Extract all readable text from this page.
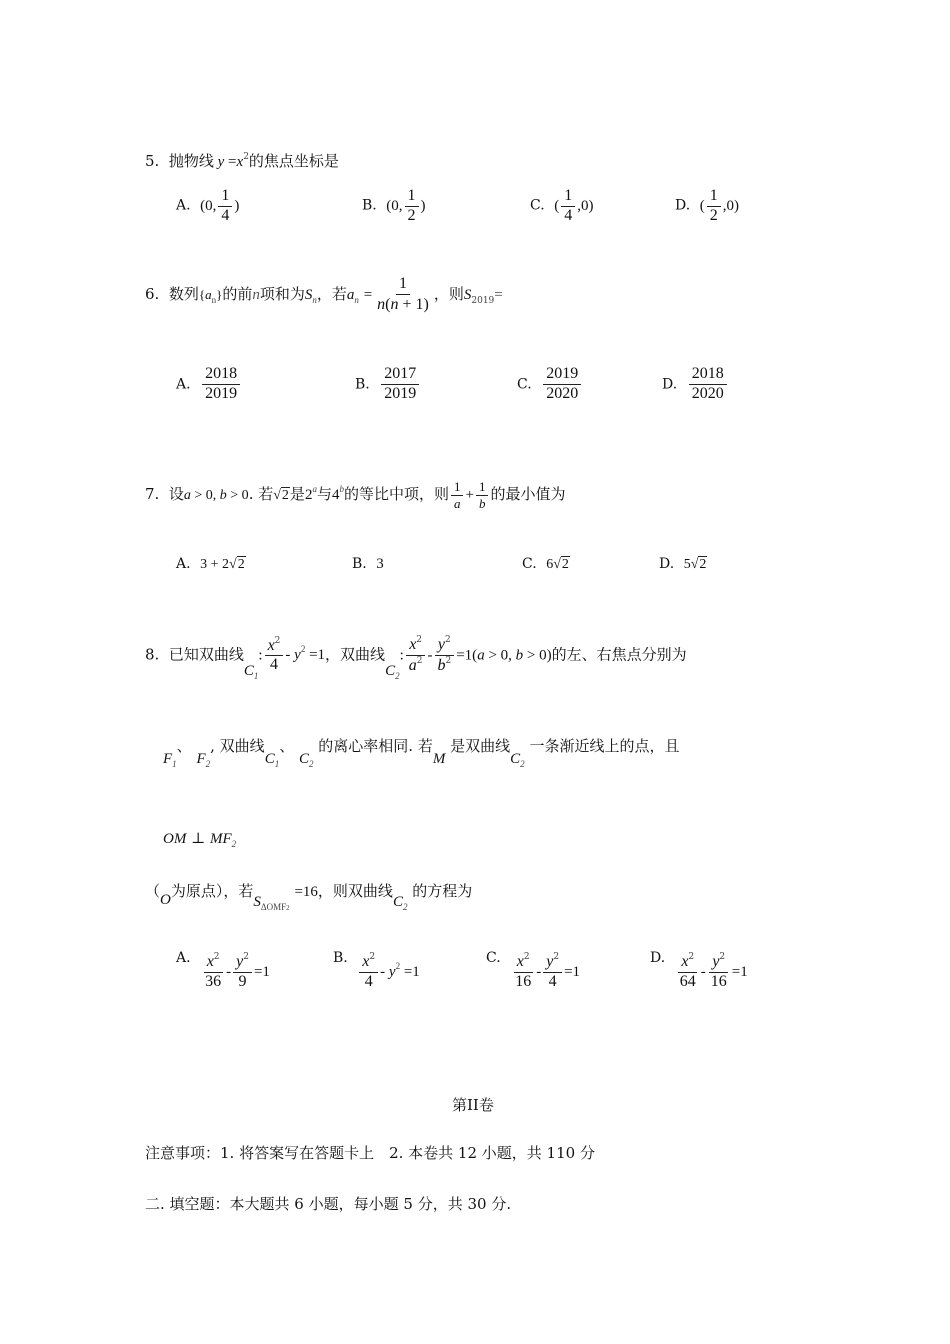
5. 抛物线 $y =x^2$的焦点坐标是
A. (0, $\frac{1}{4}$ )	B. (0, $\frac{1}{2}$ )	C. ( $\frac{1}{4} ,0$)	D. ( $\frac{1}{2} ,0$)
6. 数列$\{a_n\}$的前n项和为$S_n$，若$a_n = \frac{1}{n(n + 1)}$ ，则$S_{2019}=$
A. $\frac{2018}{2019}$	B. $\frac{2017}{2019}$	C. $\frac{2019}{2020}$	D. $\frac{2018}{2020}$
7. 设a > 0, b > 0. 若√2是2$^a$与4$^b$的等比中项，则 $\frac{1}{a} + \frac{1}{b}$ 的最小值为
A. 3 + 2√2	B. 3	C. 6√2	D. 5√2
8. 已知双曲线$C_1$: $\frac{x^2}{4} - y^2 =1$，双曲线$C_2$: $\frac{x^2}{a^2} - \frac{y^2}{b^2} =1(a > 0$, b > 0)的左、右焦点分别为
$F_1$、 $F_2$, 双曲线$C_1$、 $C_2$ 的离心率相同. 若M 是双曲线$C_2$ 一条渐近线上的点，且
OM ⊥ $MF_2$
（O为原点），若$S_{\Delta OMF2} =16$，则双曲线$C_2$ 的方程为
A. $\frac{x^2}{36} - \frac{y^2}{9} =1$
B. $\frac{x^2}{4} - y^2 =1$
C. $\frac{x^2}{16} - \frac{y^2}{4} =1$
D. $\frac{x^2}{64} - \frac{y^2}{16} =1$
第II卷
注意事项：1. 将答案写在答题卡上　2. 本卷共 12 小题，共 110 分
二. 填空题：本大题共 6 小题，每小题 5 分，共 30 分.
